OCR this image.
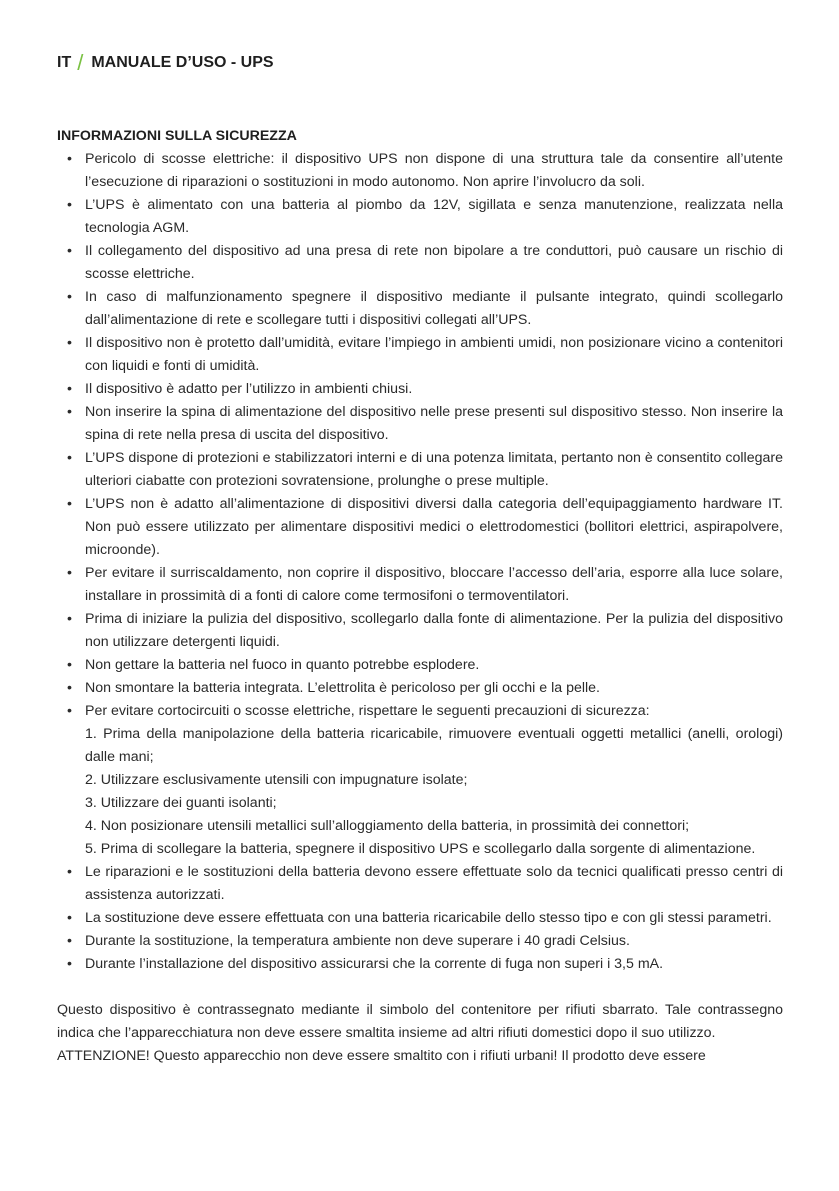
IT / MANUALE D’USO - UPS
INFORMAZIONI SULLA SICUREZZA
• Pericolo di scosse elettriche: il dispositivo UPS non dispone di una struttura tale da consentire all’utente l’esecuzione di riparazioni o sostituzioni in modo autonomo. Non aprire l’involucro da soli.
• L’UPS è alimentato con una batteria al piombo da 12V, sigillata e senza manutenzione, realizzata nella tecnologia AGM.
• Il collegamento del dispositivo ad una presa di rete non bipolare a tre conduttori, può causare un rischio di scosse elettriche.
• In caso di malfunzionamento spegnere il dispositivo mediante il pulsante integrato, quindi scollegarlo dall’alimentazione di rete e scollegare tutti i dispositivi collegati all’UPS.
• Il dispositivo non è protetto dall’umidità, evitare l’impiego in ambienti umidi, non posizionare vicino a contenitori con liquidi e fonti di umidità.
• Il dispositivo è adatto per l’utilizzo in ambienti chiusi.
• Non inserire la spina di alimentazione del dispositivo nelle prese presenti sul dispositivo stesso. Non inserire la spina di rete nella presa di uscita del dispositivo.
• L’UPS dispone di protezioni e stabilizzatori interni e di una potenza limitata, pertanto non è consentito collegare ulteriori ciabatte con protezioni sovratensione, prolunghe o prese multiple.
• L’UPS non è adatto all’alimentazione di dispositivi diversi dalla categoria dell’equipaggiamento hardware IT. Non può essere utilizzato per alimentare dispositivi medici o elettrodomestici (bollitori elettrici, aspirapolvere, microonde).
• Per evitare il surriscaldamento, non coprire il dispositivo, bloccare l’accesso dell’aria, esporre alla luce solare, installare in prossimità di a fonti di calore come termosifoni o termoventilatori.
• Prima di iniziare la pulizia del dispositivo, scollegarlo dalla fonte di alimentazione. Per la pulizia del dispositivo non utilizzare detergenti liquidi.
• Non gettare la batteria nel fuoco in quanto potrebbe esplodere.
• Non smontare la batteria integrata. L’elettrolita è pericoloso per gli occhi e la pelle.
• Per evitare cortocircuiti o scosse elettriche, rispettare le seguenti precauzioni di sicurezza:
1. Prima della manipolazione della batteria ricaricabile, rimuovere eventuali oggetti metallici (anelli, orologi) dalle mani;
2. Utilizzare esclusivamente utensili con impugnature isolate;
3. Utilizzare dei guanti isolanti;
4. Non posizionare utensili metallici sull’alloggiamento della batteria, in prossimità dei connettori;
5. Prima di scollegare la batteria, spegnere il dispositivo UPS e scollegarlo dalla sorgente di alimentazione.
• Le riparazioni e le sostituzioni della batteria devono essere effettuate solo da tecnici qualificati presso centri di assistenza autorizzati.
• La sostituzione deve essere effettuata con una batteria ricaricabile dello stesso tipo e con gli stessi parametri.
• Durante la sostituzione, la temperatura ambiente non deve superare i 40 gradi Celsius.
• Durante l’installazione del dispositivo assicurarsi che la corrente di fuga non superi i 3,5 mA.
Questo dispositivo è contrassegnato mediante il simbolo del contenitore per rifiuti sbarrato. Tale contrassegno indica che l’apparecchiatura non deve essere smaltita insieme ad altri rifiuti domestici dopo il suo utilizzo.
ATTENZIONE! Questo apparecchio non deve essere smaltito con i rifiuti urbani! Il prodotto deve essere
